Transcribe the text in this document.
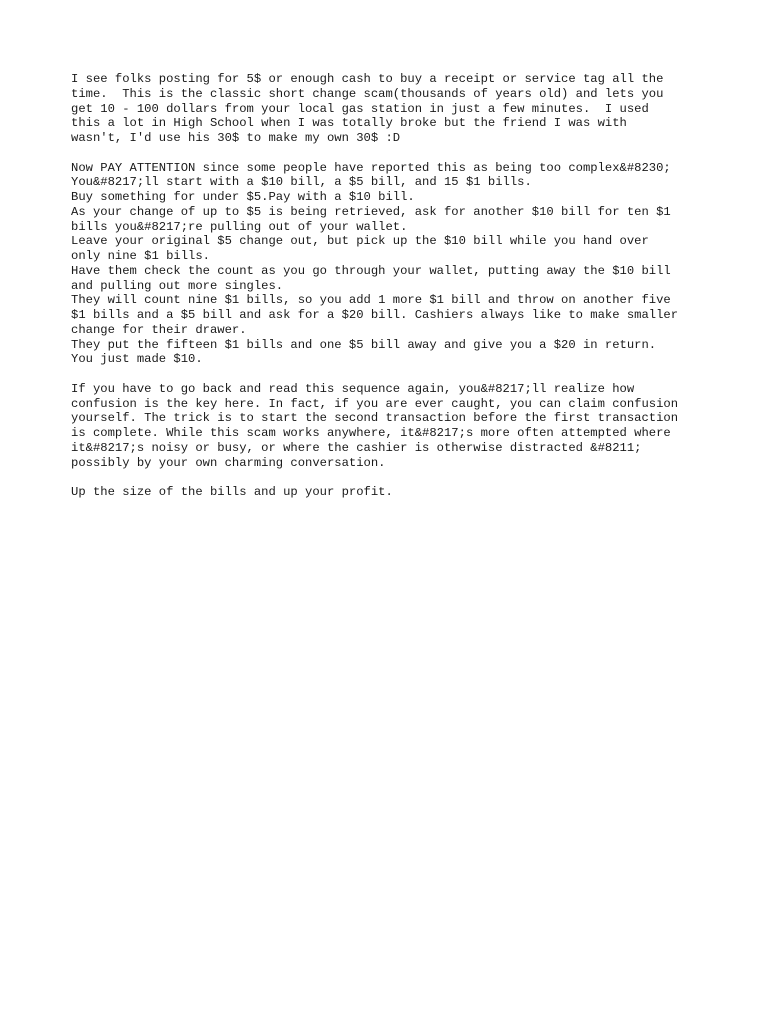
I see folks posting for 5$ or enough cash to buy a receipt or service tag all the
time.  This is the classic short change scam(thousands of years old) and lets you
get 10 - 100 dollars from your local gas station in just a few minutes.  I used
this a lot in High School when I was totally broke but the friend I was with
wasn't, I'd use his 30$ to make my own 30$ :D
Now PAY ATTENTION since some people have reported this as being too complex&#8230;
You&#8217;ll start with a $10 bill, a $5 bill, and 15 $1 bills.
Buy something for under $5.Pay with a $10 bill.
As your change of up to $5 is being retrieved, ask for another $10 bill for ten $1
bills you&#8217;re pulling out of your wallet.
Leave your original $5 change out, but pick up the $10 bill while you hand over
only nine $1 bills.
Have them check the count as you go through your wallet, putting away the $10 bill
and pulling out more singles.
They will count nine $1 bills, so you add 1 more $1 bill and throw on another five
$1 bills and a $5 bill and ask for a $20 bill. Cashiers always like to make smaller
change for their drawer.
They put the fifteen $1 bills and one $5 bill away and give you a $20 in return.
You just made $10.
If you have to go back and read this sequence again, you&#8217;ll realize how
confusion is the key here. In fact, if you are ever caught, you can claim confusion
yourself. The trick is to start the second transaction before the first transaction
is complete. While this scam works anywhere, it&#8217;s more often attempted where
it&#8217;s noisy or busy, or where the cashier is otherwise distracted &#8211;
possibly by your own charming conversation.
Up the size of the bills and up your profit.
